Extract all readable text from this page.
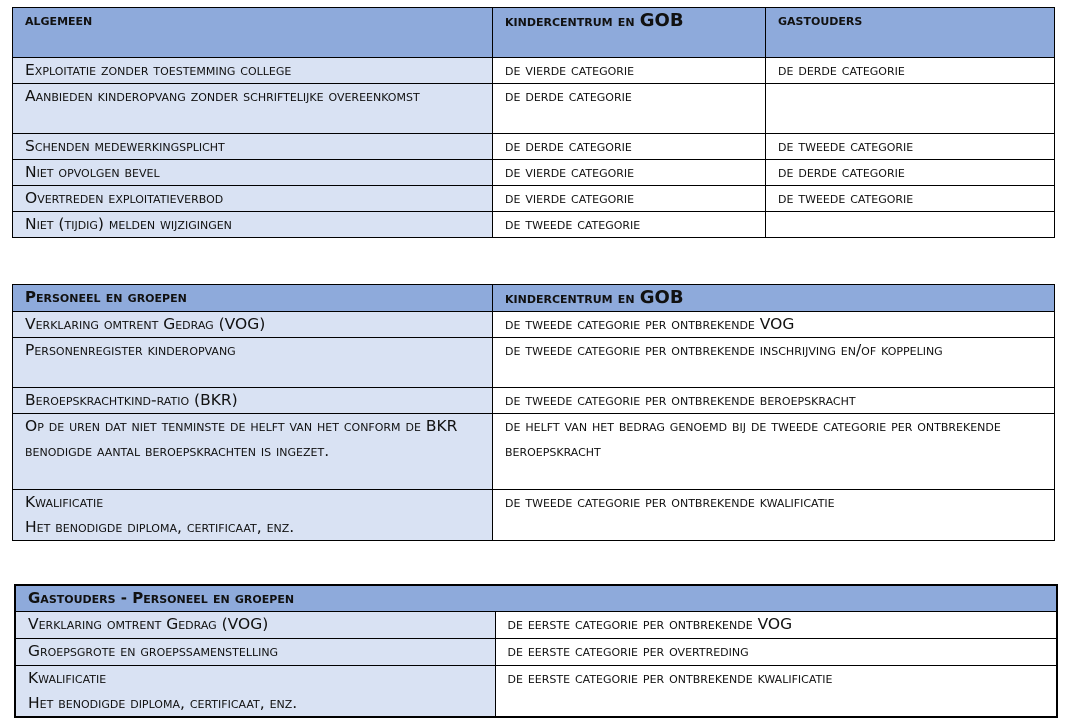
algemeen	kindercentrum en GOB	gastouders
Exploitatie zonder toestemming college	de vierde categorie	de derde categorie
Aanbieden kinderopvang zonder schriftelijke overeenkomst	de derde categorie	
Schenden medewerkingsplicht	de derde categorie	de tweede categorie
Niet opvolgen bevel	de vierde categorie	de derde categorie
Overtreden exploitatieverbod	de vierde categorie	de tweede categorie
Niet (tijdig) melden wijzigingen	de tweede categorie	
Personeel en groepen	kindercentrum en GOB
Verklaring omtrent Gedrag (VOG)	de tweede categorie per ontbrekende VOG
Personenregister kinderopvang	de tweede categorie per ontbrekende inschrijving en/of koppeling
Beroepskrachtkind-ratio (BKR)	de tweede categorie per ontbrekende beroepskracht
Op de uren dat niet tenminste de helft van het conform de BKR benodigde aantal beroepskrachten is ingezet.	de helft van het bedrag genoemd bij de tweede categorie per ontbrekende beroepskracht

Kwalificatie
Het benodigde diploma, certificaat, enz.	de tweede categorie per ontbrekende kwalificatie
Gastouders - Personeel en groepen	
Verklaring omtrent Gedrag (VOG)	de eerste categorie per ontbrekende VOG
Groepsgrote en groepssamenstelling	de eerste categorie per overtreding

Kwalificatie
Het benodigde diploma, certificaat, enz.	de eerste categorie per ontbrekende kwalificatie
